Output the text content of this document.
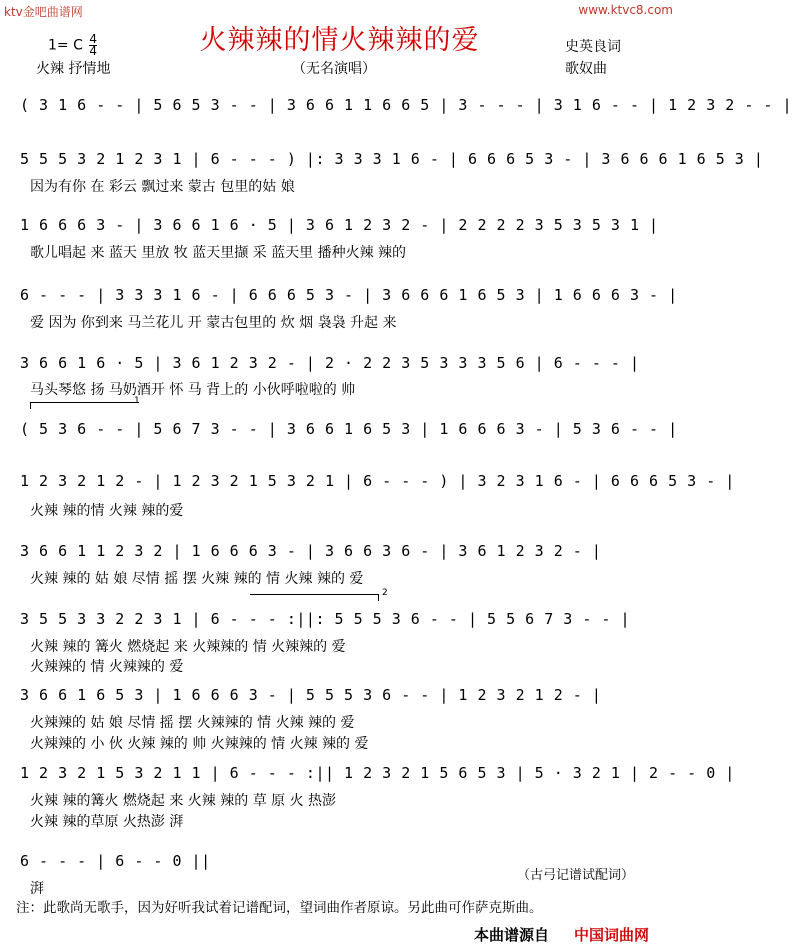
ktv金吧曲谱网	www.ktvc8.com
火辣辣的情火辣辣的爱
1= C $\frac{4}{4}$
火辣 抒情地	（无名演唱）
史英良词
歌奴曲
( 3 1 6 - - | 5 6 5 3 - - | 3 6 6 1 1 6 6 5 | 3 - - - | 3 1 6 - - | 1 2 3 2 - - |
5 5 5 3 2 1 2 3 1 | 6 - - - ) |: 3 3 3 1 6 - | 6 6 6 5 3 - | 3 6 6 6 1 6 5 3 |
因为有你 在 彩云 飘过来 蒙古 包里的姑 娘
1 6 6 6 3 - | 3 6 6 1 6 · 5 | 3 6 1 2 3 2 - | 2 2 2 2 3 5 3 5 3 1 |
歌儿唱起 来 蓝天 里放 牧 蓝天里撷 采 蓝天里 播种火辣 辣的
6 - - - | 3 3 3 1 6 - | 6 6 6 5 3 - | 3 6 6 6 1 6 5 3 | 1 6 6 6 3 - |
爱 因为 你到来 马兰花儿 开 蒙古包里的 炊 烟 袅袅 升起 来
3 6 6 1 6 · 5 | 3 6 1 2 3 2 - | 2 · 2 2 3 5 3 3 3 5 6 | 6 - - - |
马头琴悠 扬 马奶酒开 怀 马 背上的 小伙呼啦啦的 帅
1
( 5 3 6 - - | 5 6 7 3 - - | 3 6 6 1 6 5 3 | 1 6 6 6 3 - | 5 3 6 - - |
1 2 3 2 1 2 - | 1 2 3 2 1 5 3 2 1 | 6 - - - ) | 3 2 3 1 6 - | 6 6 6 5 3 - |
火辣 辣的情 火辣 辣的爱
3 6 6 1 1 2 3 2 | 1 6 6 6 3 - | 3 6 6 3 6 - | 3 6 1 2 3 2 - |
火辣 辣的 姑 娘 尽情 摇 摆 火辣 辣的 情 火辣 辣的 爱
2
3 5 5 3 3 2 2 3 1 | 6 - - - :||: 5 5 5 3 6 - - | 5 5 6 7 3 - - |
火辣 辣的 篝火 燃烧起 来 火辣辣的 情 火辣辣的 爱
火辣辣的 情 火辣辣的 爱
3 6 6 1 6 5 3 | 1 6 6 6 3 - | 5 5 5 3 6 - - | 1 2 3 2 1 2 - |
火辣辣的 姑 娘 尽情 摇 摆 火辣辣的 情 火辣 辣的 爱
火辣辣的 小 伙 火辣 辣的 帅 火辣辣的 情 火辣 辣的 爱
1 2 3 2 1 5 3 2 1 1 | 6 - - - :|| 1 2 3 2 1 5 6 5 3 | 5 · 3 2 1 | 2 - - 0 |
火辣 辣的篝火 燃烧起 来 火辣 辣的 草 原 火 热澎
火辣 辣的草原 火热澎 湃
6 - - - | 6 - - 0 ||
湃
（古弓记谱试配词）
注：此歌尚无歌手，因为好听我试着记谱配词，望词曲作者原谅。另此曲可作萨克斯曲。
本曲谱源自 中国词曲网
